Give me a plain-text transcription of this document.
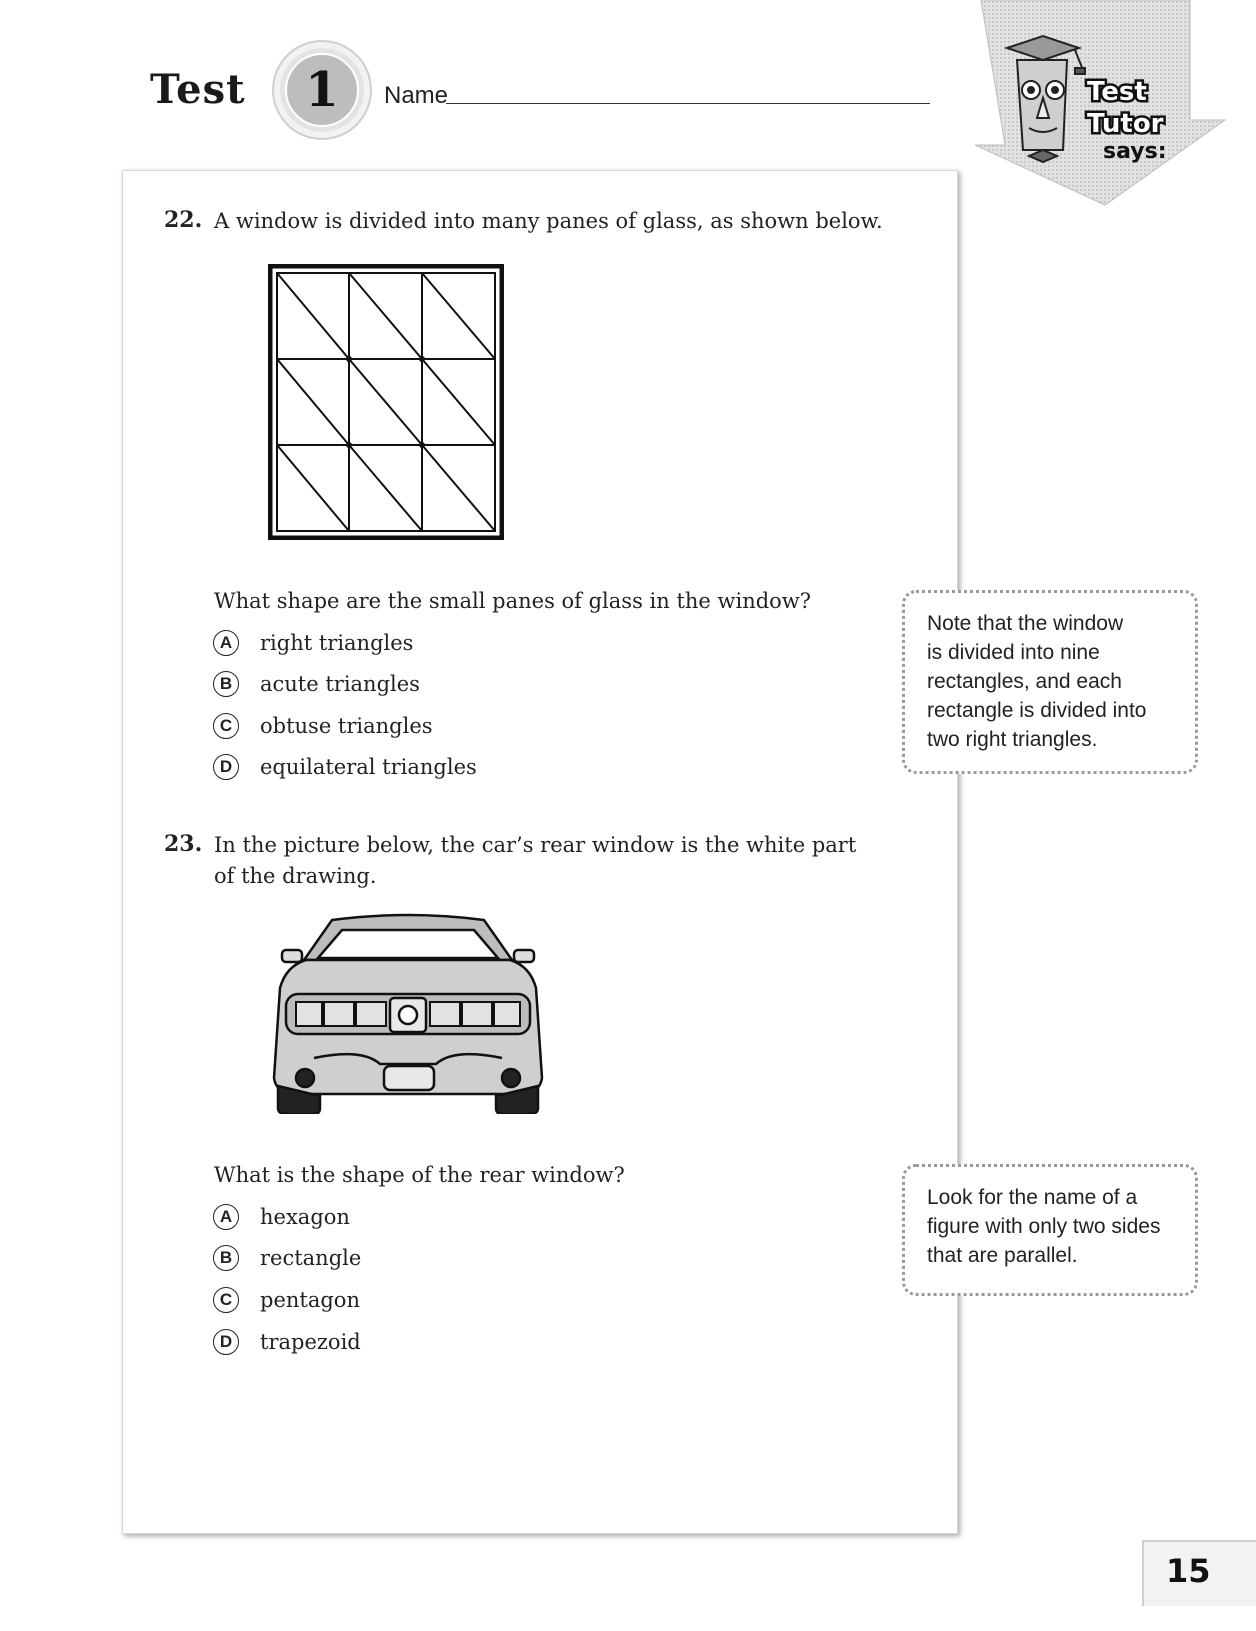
Test	1	Name	Test
Tutor
says:
22. A window is divided into many panes of glass, as shown below.
What shape are the small panes of glass in the window?
A	right triangles
B	acute triangles
C	obtuse triangles
D	equilateral triangles
Note that the window
is divided into nine
rectangles, and each
rectangle is divided into
two right triangles.
23. In the picture below, the car’s rear window is the white part
of the drawing.
What is the shape of the rear window?
A	hexagon
B	rectangle
C	pentagon
D	trapezoid
Look for the name of a
figure with only two sides
that are parallel.
15
